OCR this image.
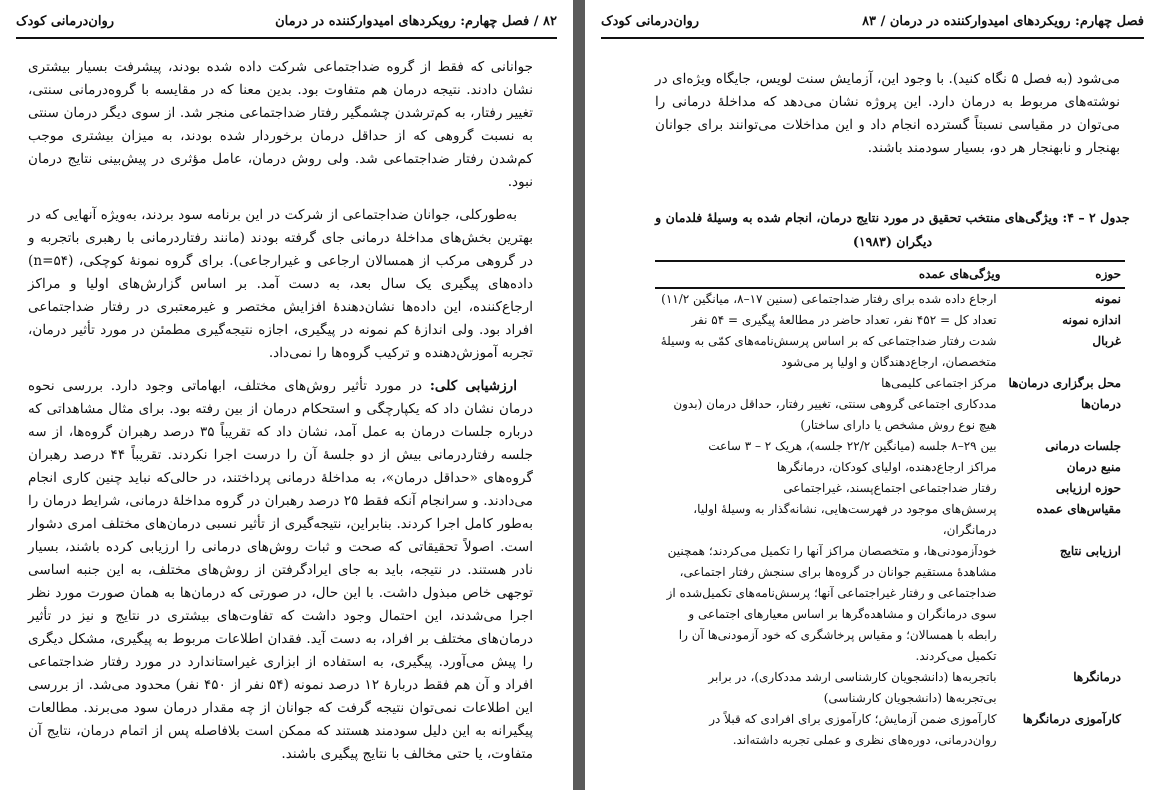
۸۲ / فصل چهارم: رویکردهای امیدوارکننده در درمان
روان‌درمانی کودک

جوانانی که فقط از گروه ضداجتماعی شرکت داده شده بودند، پیشرفت بسیار بیشتری نشان دادند. نتیجه درمان هم متفاوت بود. بدین معنا که در مقایسه با گروه‌درمانی سنتی، تغییر رفتار، به کم‌ترشدن چشمگیر رفتار ضداجتماعی منجر شد. از سوی دیگر درمان سنتی به نسبت گروهی که از حداقل درمان برخوردار شده بودند، به میزان بیشتری موجب کم‌شدن رفتار ضداجتماعی شد. ولی روش درمان، عامل مؤثری در پیش‌بینی نتایج درمان نبود.

به‌طورکلی، جوانان ضداجتماعی از شرکت در این برنامه سود بردند، به‌ویژه آنهایی که در بهترین بخش‌های مداخلهٔ درمانی جای گرفته بودند (مانند رفتاردرمانی با رهبری باتجربه و در گروهی مرکب از همسالان ارجاعی و غیرارجاعی). برای گروه نمونهٔ کوچکی، (n=۵۴) داده‌های پیگیری یک سال بعد، به دست آمد. بر اساس گزارش‌های اولیا و مراکز ارجاع‌کننده، این داده‌ها نشان‌دهندهٔ افزایش مختصر و غیرمعتبری در رفتار ضداجتماعی افراد بود. ولی اندازهٔ کم نمونه در پیگیری، اجازه نتیجه‌گیری مطمئن در مورد تأثیر درمان، تجربه آموزش‌دهنده و ترکیب گروه‌ها را نمی‌داد.

ارزشیابی کلی: در مورد تأثیر روش‌های مختلف، ابهاماتی وجود دارد. بررسی نحوه درمان نشان داد که یکپارچگی و استحکام درمان از بین رفته بود. برای مثال مشاهداتی که درباره جلسات درمان به عمل آمد، نشان داد که تقریباً ۳۵ درصد رهبران گروه‌ها، از سه جلسه رفتاردرمانی بیش از دو جلسهٔ آن را درست اجرا نکردند. تقریباً ۴۴ درصد رهبران گروه‌های «حداقل درمان»، به مداخلهٔ درمانی پرداختند، در حالی‌که نباید چنین کاری انجام می‌دادند. و سرانجام آنکه فقط ۲۵ درصد رهبران در گروه مداخلهٔ درمانی، شرایط درمان را به‌طور کامل اجرا کردند. بنابراین، نتیجه‌گیری از تأثیر نسبی درمان‌های مختلف امری دشوار است. اصولاً تحقیقاتی که صحت و ثبات روش‌های درمانی را ارزیابی کرده باشند، بسیار نادر هستند. در نتیجه، باید به جای ایرادگرفتن از روش‌های مختلف، به این جنبه اساسی توجهی خاص مبذول داشت. با این حال، در صورتی که درمان‌ها به همان صورت مورد نظر اجرا می‌شدند، این احتمال وجود داشت که تفاوت‌های بیشتری در نتایج و نیز در تأثیر درمان‌های مختلف بر افراد، به دست آید. فقدان اطلاعات مربوط به پیگیری، مشکل دیگری را پیش می‌آورد. پیگیری، به استفاده از ابزاری غیراستاندارد در مورد رفتار ضداجتماعی افراد و آن هم فقط دربارهٔ ۱۲ درصد نمونه (۵۴ نفر از ۴۵۰ نفر) محدود می‌شد. از بررسی این اطلاعات نمی‌توان نتیجه گرفت که جوانان از چه مقدار درمان سود می‌برند. مطالعات پیگیرانه به این دلیل سودمند هستند که ممکن است بلافاصله پس از اتمام درمان، نتایج آن متفاوت، یا حتی مخالف با نتایج پیگیری باشند.

فصل چهارم: رویکردهای امیدوارکننده در درمان / ۸۳
روان‌درمانی کودک

می‌شود (به فصل ۵ نگاه کنید). با وجود این، آزمایش سنت لویس، جایگاه ویژه‌ای در نوشته‌های مربوط به درمان دارد. این پروژه نشان می‌دهد که مداخلهٔ درمانی را می‌توان در مقیاسی نسبتاً گسترده انجام داد و این مداخلات می‌توانند برای جوانان بهنجار و نابهنجار هر دو، بسیار سودمند باشند.

جدول ۲ – ۴: ویژگی‌های منتخب تحقیق در مورد نتایج درمان، انجام شده به وسیلهٔ فلدمان و دیگران (۱۹۸۳)
حوزه	ویژگی‌های عمده
نمونه	ارجاع داده شده برای رفتار ضداجتماعی (سنین ۱۷–۸، میانگین ۱۱/۲)
اندازه نمونه	تعداد کل = ۴۵۲ نفر، تعداد حاضر در مطالعهٔ پیگیری = ۵۴ نفر
غربال	شدت رفتار ضداجتماعی که بر اساس پرسش‌نامه‌های کمّی به وسیلهٔ متخصصان، ارجاع‌دهندگان و اولیا پر می‌شود
محل برگزاری درمان‌ها	مرکز اجتماعی کلیمی‌ها
درمان‌ها	مددکاری اجتماعی گروهی سنتی، تغییر رفتار، حداقل درمان (بدون هیچ نوع روش مشخص یا دارای ساختار)
جلسات درمانی	بین ۲۹–۸ جلسه (میانگین ۲۲/۲ جلسه)، هریک ۲ – ۳ ساعت
منبع درمان	مراکز ارجاع‌دهنده، اولیای کودکان، درمانگرها
حوزه ارزیابی	رفتار ضداجتماعی اجتماع‌پسند، غیراجتماعی
مقیاس‌های عمده	پرسش‌های موجود در فهرست‌هایی، نشانه‌گذار به وسیلهٔ اولیا، درمانگران،
ارزیابی نتایج	خودآزمودنی‌ها، و متخصصان مراکز آنها را تکمیل می‌کردند؛ همچنین مشاهدهٔ مستقیم جوانان در گروه‌ها برای سنجش رفتار اجتماعی، ضداجتماعی و رفتار غیراجتماعی آنها؛ پرسش‌نامه‌های تکمیل‌شده از سوی درمانگران و مشاهده‌گرها بر اساس معیارهای اجتماعی و رابطه با همسالان؛ و مقیاس پرخاشگری که خود آزمودنی‌ها آن را تکمیل می‌کردند.
درمانگرها	باتجربه‌ها (دانشجویان کارشناسی ارشد مددکاری)، در برابر بی‌تجربه‌ها (دانشجویان کارشناسی)
کارآموزی درمانگرها	کارآموزی ضمن آزمایش؛ کارآموزی برای افرادی که قبلاً در روان‌درمانی، دوره‌های نظری و عملی تجربه داشته‌اند.
